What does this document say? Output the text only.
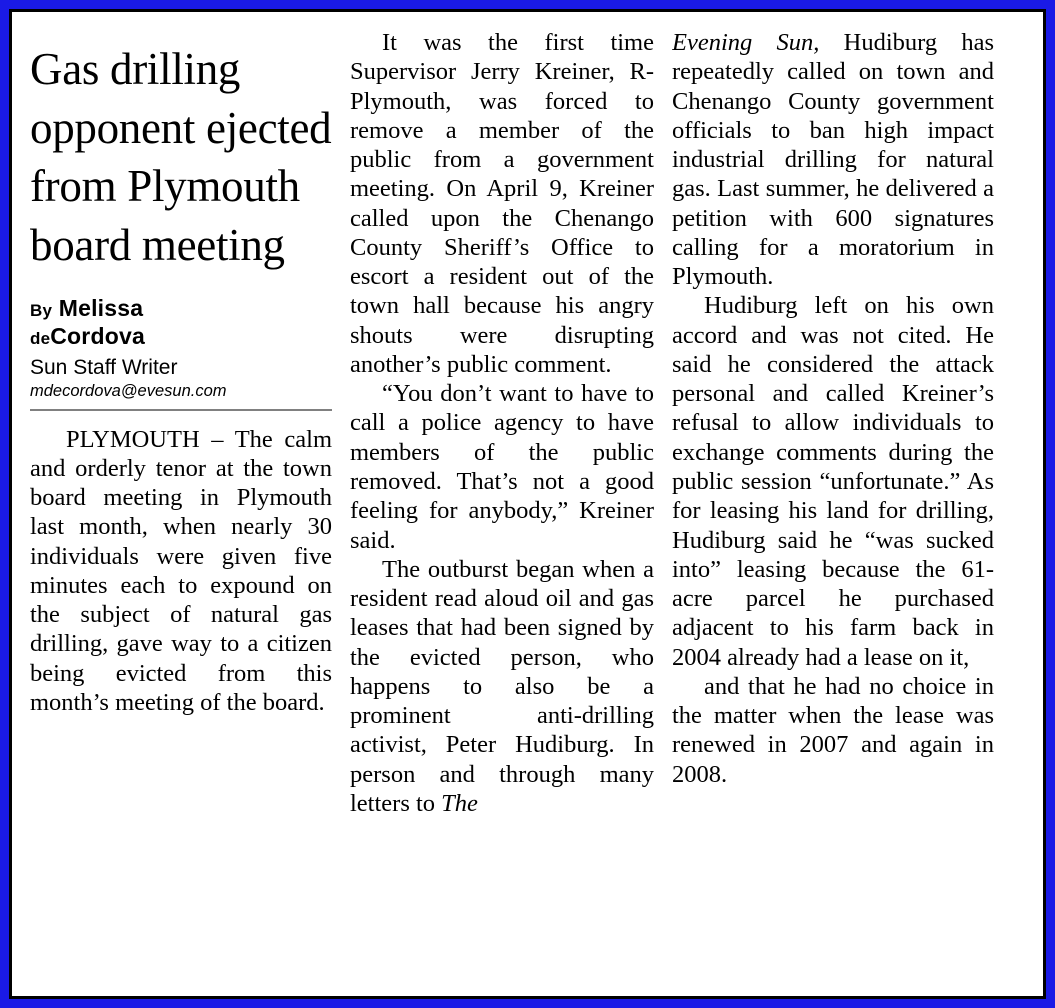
Gas drilling opponent ejected from Plymouth board meeting
By Melissa
deCordova
Sun Staff Writer
mdecordova@evesun.com

PLYMOUTH – The calm and orderly tenor at the town board meeting in Plymouth last month, when nearly 30 individuals were given five minutes each to expound on the subject of natural gas drilling, gave way to a citizen being evicted from this month’s meeting of the board.

It was the first time Supervisor Jerry Kreiner, R-Plymouth, was forced to remove a member of the public from a government meeting. On April 9, Kreiner called upon the Chenango County Sheriff’s Office to escort a resident out of the town hall because his angry shouts were disrupting another’s public comment.

“You don’t want to have to call a police agency to have members of the public removed. That’s not a good feeling for anybody,” Kreiner said.

The outburst began when a resident read aloud oil and gas leases that had been signed by the evicted person, who happens to also be a prominent anti-drilling activist, Peter Hudiburg. In person and through many letters to The

Evening Sun, Hudiburg has repeatedly called on town and Chenango County government officials to ban high impact industrial drilling for natural gas. Last summer, he delivered a petition with 600 signatures calling for a moratorium in Plymouth.

Hudiburg left on his own accord and was not cited. He said he considered the attack personal and called Kreiner’s refusal to allow individuals to exchange comments during the public session “unfortunate.” As for leasing his land for drilling, Hudiburg said he “was sucked into” leasing because the 61-acre parcel he purchased adjacent to his farm back in 2004 already had a lease on it,

and that he had no choice in the matter when the lease was renewed in 2007 and again in 2008.
